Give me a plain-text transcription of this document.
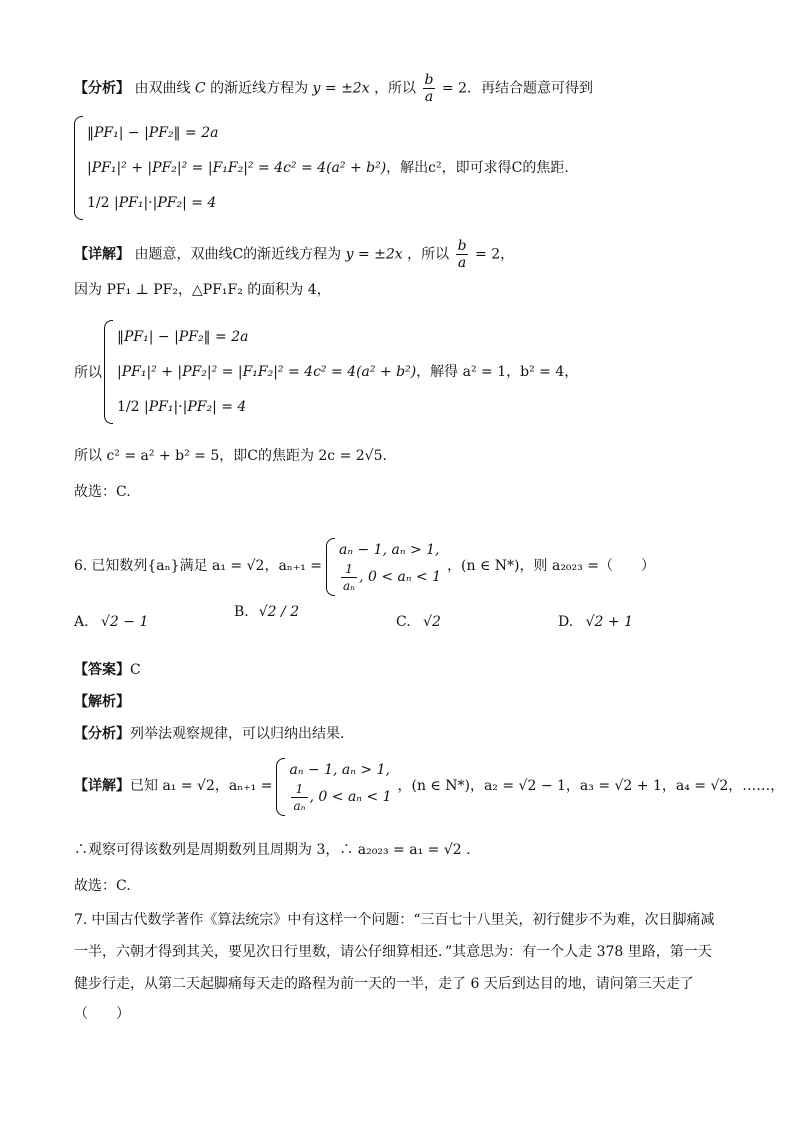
【分析】 由双曲线 C 的渐近线方程为 y = ±2x ，所以 $\frac{b}{a} = 2$．再结合题意可得到
‖PF₁| − |PF₂‖ = 2a
|PF₁|² + |PF₂|² = |F₁F₂|² = 4c² = 4(a² + b²)，解出c²，即可求得C的焦距.
1/2 |PF₁|·|PF₂| = 4
【详解】 由题意，双曲线C的渐近线方程为 y = ±2x ，所以 $\frac{b}{a} = 2$，
因为 PF₁ ⊥ PF₂，△PF₁F₂ 的面积为 4，
所以
‖PF₁| − |PF₂‖ = 2a
|PF₁|² + |PF₂|² = |F₁F₂|² = 4c² = 4(a² + b²)，解得 a² = 1，b² = 4，
1/2 |PF₁|·|PF₂| = 4
所以 c² = a² + b² = 5，即C的焦距为 2c = 2√5.
故选：C.
6. 已知数列{aₙ}满足 a₁ = √2，aₙ₊₁ =
aₙ − 1, aₙ > 1,
$\frac{1}{\text{aₙ}}$ , 0 < aₙ < 1
，(n ∈ N*)，则 a₂₀₂₃ =（　　）
A. √2 − 1
B. √2 / 2
C. √2	D. √2 + 1
【答案】C
【解析】
【分析】列举法观察规律，可以归纳出结果.
【详解】 已知 a₁ = √2，aₙ₊₁ =
aₙ − 1, aₙ > 1,
$\frac{1}{\text{aₙ}}$ , 0 < aₙ < 1
，(n ∈ N*)，a₂ = √2 − 1，a₃ = √2 + 1，a₄ = √2，……，
∴观察可得该数列是周期数列且周期为 3，∴ a₂₀₂₃ = a₁ = √2 .
故选：C.
7. 中国古代数学著作《算法统宗》中有这样一个问题：“三百七十八里关，初行健步不为难，次日脚痛减
一半，六朝才得到其关，要见次日行里数，请公仔细算相还．”其意思为：有一个人走 378 里路，第一天
健步行走，从第二天起脚痛每天走的路程为前一天的一半，走了 6 天后到达目的地，请问第三天走了
（　　）
